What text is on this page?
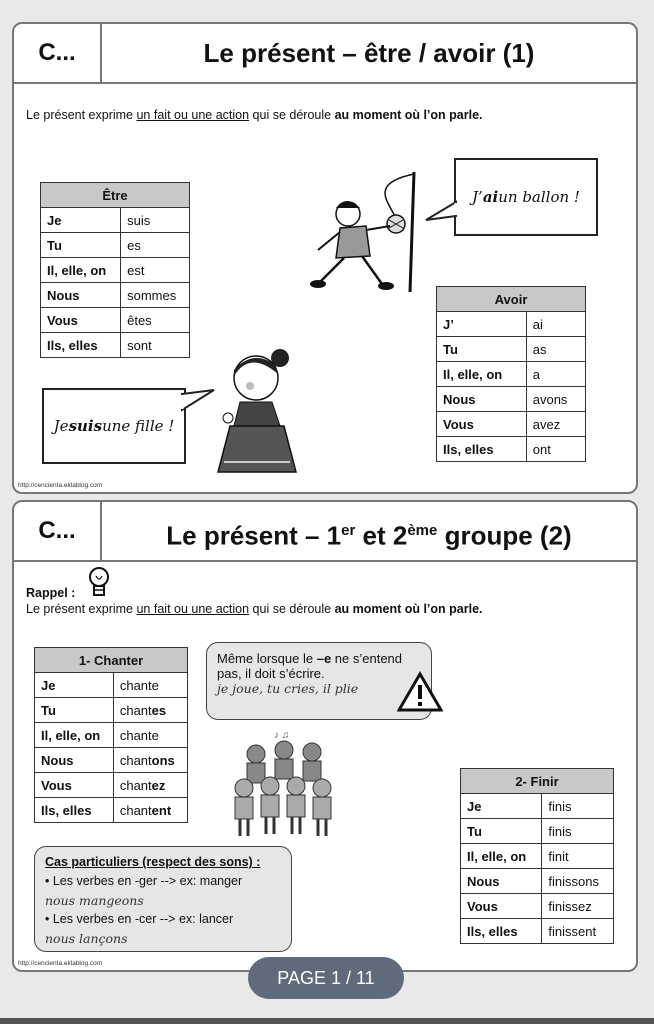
C...	Le présent – être / avoir (1)
Le présent exprime un fait ou une action qui se déroule au moment où l’on parle.
Être	
Je	suis
Tu	es
Il, elle, on	est
Nous	sommes
Vous	êtes
Ils, elles	sont
Avoir	
J’	ai
Tu	as
Il, elle, on	a
Nous	avons
Vous	avez
Ils, elles	ont
J’ ai un ballon !
Je suis une fille !
http://cencienta.eklablog.com
C...	Le présent – 1er et 2ème groupe (2)
Rappel :
Le présent exprime un fait ou une action qui se déroule au moment où l’on parle.
1- Chanter	
Je	chante
Tu	chantes
Il, elle, on	chante
Nous	chantons
Vous	chantez
Ils, elles	chantent
Même lorsque le –e ne s’entend
pas, il doit s’écrire.
je joue, tu cries, il plie
♪ ♫
2- Finir	
Je	finis
Tu	finis
Il, elle, on	finit
Nous	finissons
Vous	finissez
Ils, elles	finissent
Cas particuliers (respect des sons) :
• Les verbes en -ger --> ex: manger
nous mangeons
• Les verbes en -cer --> ex: lancer
nous lançons
http://cencienta.eklablog.com
PAGE 1 / 11
